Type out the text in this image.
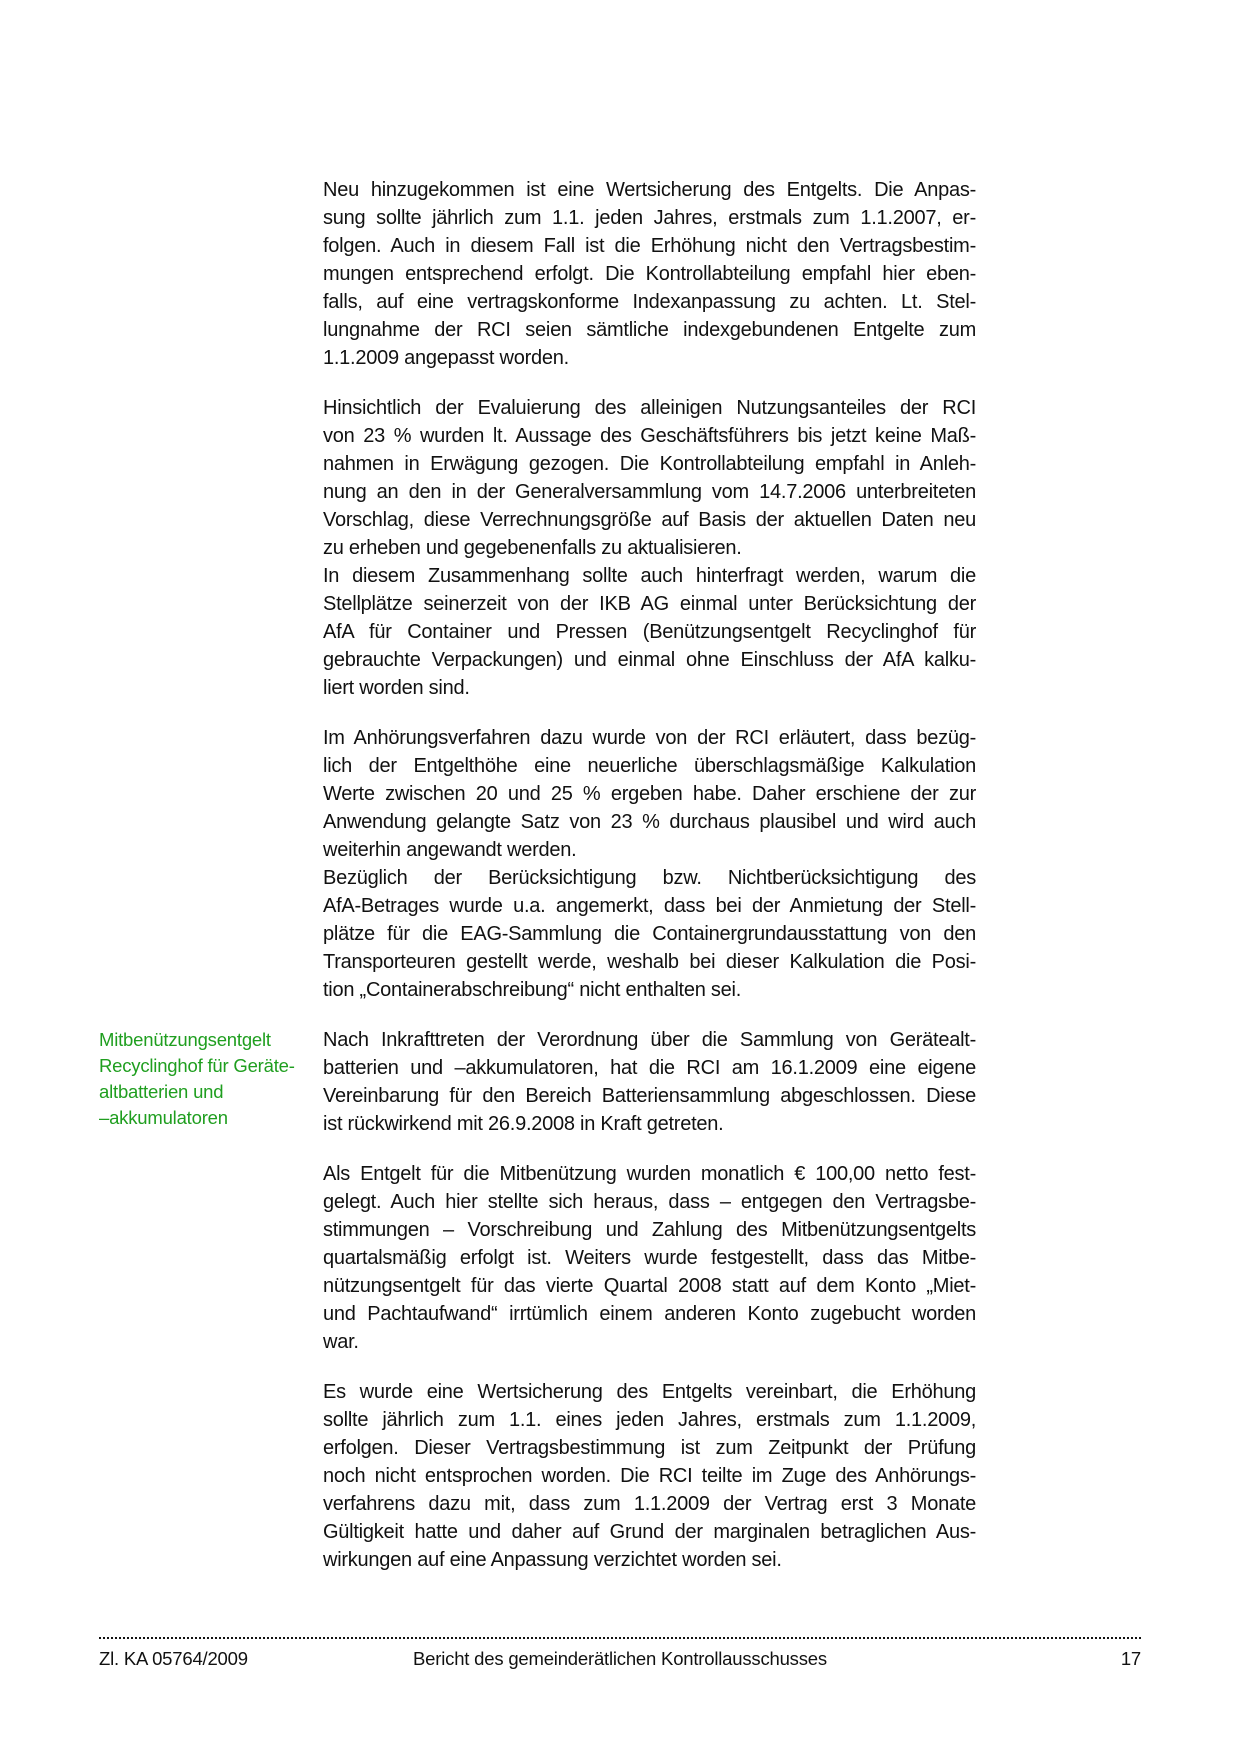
Mitbenützungsentgelt
Recyclinghof für Geräte-
altbatterien und
–akkumulatoren
Neu hinzugekommen ist eine Wertsicherung des Entgelts. Die Anpas-
sung sollte jährlich zum 1.1. jeden Jahres, erstmals zum 1.1.2007, er-
folgen. Auch in diesem Fall ist die Erhöhung nicht den Vertragsbestim-
mungen entsprechend erfolgt. Die Kontrollabteilung empfahl hier eben-
falls, auf eine vertragskonforme Indexanpassung zu achten. Lt. Stel-
lungnahme der RCI seien sämtliche indexgebundenen Entgelte zum
1.1.2009 angepasst worden.
Hinsichtlich der Evaluierung des alleinigen Nutzungsanteiles der RCI
von 23 % wurden lt. Aussage des Geschäftsführers bis jetzt keine Maß-
nahmen in Erwägung gezogen. Die Kontrollabteilung empfahl in Anleh-
nung an den in der Generalversammlung vom 14.7.2006 unterbreiteten
Vorschlag, diese Verrechnungsgröße auf Basis der aktuellen Daten neu
zu erheben und gegebenenfalls zu aktualisieren.
In diesem Zusammenhang sollte auch hinterfragt werden, warum die
Stellplätze seinerzeit von der IKB AG einmal unter Berücksichtung der
AfA für Container und Pressen (Benützungsentgelt Recyclinghof für
gebrauchte Verpackungen) und einmal ohne Einschluss der AfA kalku-
liert worden sind.
Im Anhörungsverfahren dazu wurde von der RCI erläutert, dass bezüg-
lich der Entgelthöhe eine neuerliche überschlagsmäßige Kalkulation
Werte zwischen 20 und 25 % ergeben habe. Daher erschiene der zur
Anwendung gelangte Satz von 23 % durchaus plausibel und wird auch
weiterhin angewandt werden.
Bezüglich der Berücksichtigung bzw. Nichtberücksichtigung des
AfA-Betrages wurde u.a. angemerkt, dass bei der Anmietung der Stell-
plätze für die EAG-Sammlung die Containergrundausstattung von den
Transporteuren gestellt werde, weshalb bei dieser Kalkulation die Posi-
tion „Containerabschreibung“ nicht enthalten sei.
Nach Inkrafttreten der Verordnung über die Sammlung von Gerätealt-
batterien und –akkumulatoren, hat die RCI am 16.1.2009 eine eigene
Vereinbarung für den Bereich Batteriensammlung abgeschlossen. Diese
ist rückwirkend mit 26.9.2008 in Kraft getreten.
Als Entgelt für die Mitbenützung wurden monatlich € 100,00 netto fest-
gelegt. Auch hier stellte sich heraus, dass – entgegen den Vertragsbe-
stimmungen – Vorschreibung und Zahlung des Mitbenützungsentgelts
quartalsmäßig erfolgt ist. Weiters wurde festgestellt, dass das Mitbe-
nützungsentgelt für das vierte Quartal 2008 statt auf dem Konto „Miet-
und Pachtaufwand“ irrtümlich einem anderen Konto zugebucht worden
war.
Es wurde eine Wertsicherung des Entgelts vereinbart, die Erhöhung
sollte jährlich zum 1.1. eines jeden Jahres, erstmals zum 1.1.2009,
erfolgen. Dieser Vertragsbestimmung ist zum Zeitpunkt der Prüfung
noch nicht entsprochen worden. Die RCI teilte im Zuge des Anhörungs-
verfahrens dazu mit, dass zum 1.1.2009 der Vertrag erst 3 Monate
Gültigkeit hatte und daher auf Grund der marginalen betraglichen Aus-
wirkungen auf eine Anpassung verzichtet worden sei.
Zl. KA 05764/2009	Bericht des gemeinderätlichen Kontrollausschusses	17
